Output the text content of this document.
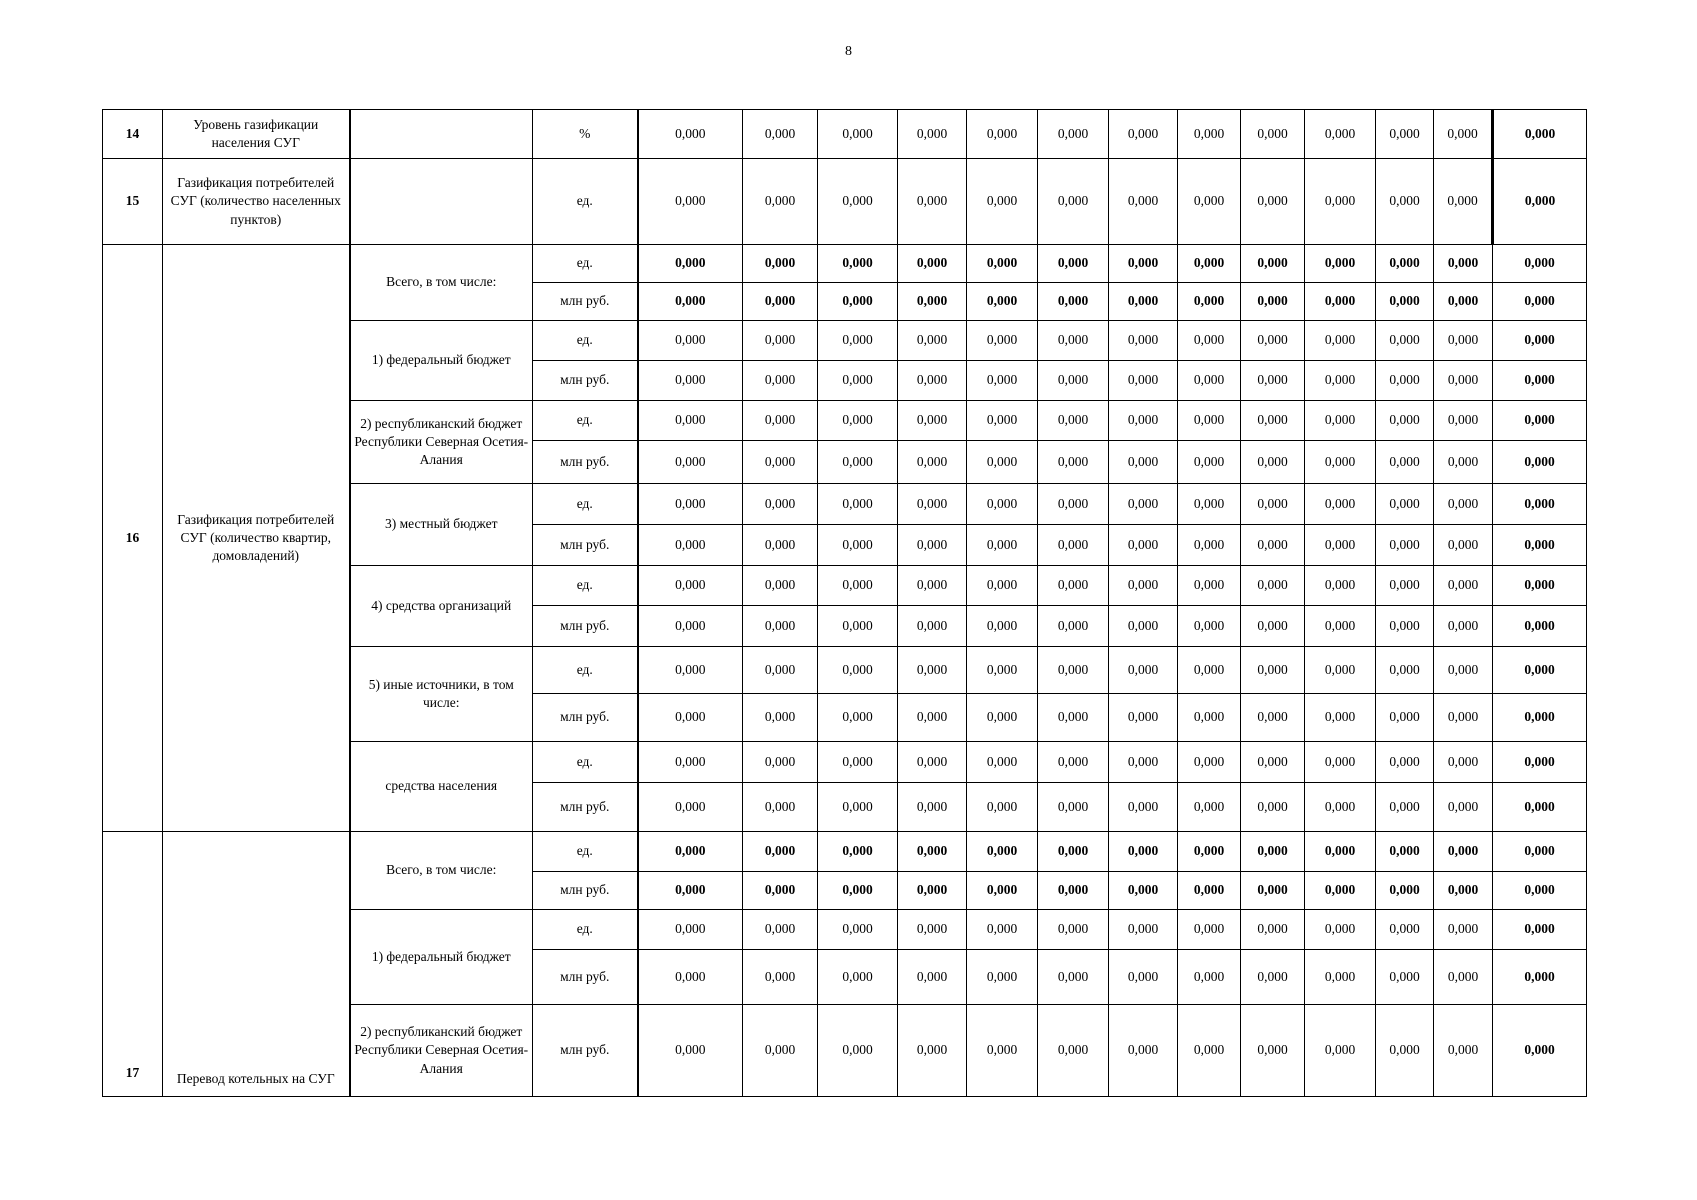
8
14	Уровень газификации населения СУГ		%	0,000	0,000	0,000	0,000	0,000	0,000	0,000	0,000	0,000	0,000	0,000	0,000	0,000
15	Газификация потребителей СУГ (количество населенных пунктов)		ед.	0,000	0,000	0,000	0,000	0,000	0,000	0,000	0,000	0,000	0,000	0,000	0,000	0,000
16	Газификация потребителей СУГ (количество квартир, домовладений)	Всего, в том числе:	ед.	0,000	0,000	0,000	0,000	0,000	0,000	0,000	0,000	0,000	0,000	0,000	0,000	0,000
			млн руб.	0,000	0,000	0,000	0,000	0,000	0,000	0,000	0,000	0,000	0,000	0,000	0,000	0,000
		1) федеральный бюджет	ед.	0,000	0,000	0,000	0,000	0,000	0,000	0,000	0,000	0,000	0,000	0,000	0,000	0,000
			млн руб.	0,000	0,000	0,000	0,000	0,000	0,000	0,000	0,000	0,000	0,000	0,000	0,000	0,000
		2) республиканский бюджет Республики Северная Осетия-Алания	ед.	0,000	0,000	0,000	0,000	0,000	0,000	0,000	0,000	0,000	0,000	0,000	0,000	0,000
			млн руб.	0,000	0,000	0,000	0,000	0,000	0,000	0,000	0,000	0,000	0,000	0,000	0,000	0,000
		3) местный бюджет	ед.	0,000	0,000	0,000	0,000	0,000	0,000	0,000	0,000	0,000	0,000	0,000	0,000	0,000
			млн руб.	0,000	0,000	0,000	0,000	0,000	0,000	0,000	0,000	0,000	0,000	0,000	0,000	0,000
		4) средства организаций	ед.	0,000	0,000	0,000	0,000	0,000	0,000	0,000	0,000	0,000	0,000	0,000	0,000	0,000
			млн руб.	0,000	0,000	0,000	0,000	0,000	0,000	0,000	0,000	0,000	0,000	0,000	0,000	0,000
		5) иные источники, в том числе:	ед.	0,000	0,000	0,000	0,000	0,000	0,000	0,000	0,000	0,000	0,000	0,000	0,000	0,000
			млн руб.	0,000	0,000	0,000	0,000	0,000	0,000	0,000	0,000	0,000	0,000	0,000	0,000	0,000
		средства населения	ед.	0,000	0,000	0,000	0,000	0,000	0,000	0,000	0,000	0,000	0,000	0,000	0,000	0,000
			млн руб.	0,000	0,000	0,000	0,000	0,000	0,000	0,000	0,000	0,000	0,000	0,000	0,000	0,000
17	Перевод котельных на СУГ	Всего, в том числе:	ед.	0,000	0,000	0,000	0,000	0,000	0,000	0,000	0,000	0,000	0,000	0,000	0,000	0,000
			млн руб.	0,000	0,000	0,000	0,000	0,000	0,000	0,000	0,000	0,000	0,000	0,000	0,000	0,000
		1) федеральный бюджет	ед.	0,000	0,000	0,000	0,000	0,000	0,000	0,000	0,000	0,000	0,000	0,000	0,000	0,000
			млн руб.	0,000	0,000	0,000	0,000	0,000	0,000	0,000	0,000	0,000	0,000	0,000	0,000	0,000
		2) республиканский бюджет Республики Северная Осетия-Алания	млн руб.	0,000	0,000	0,000	0,000	0,000	0,000	0,000	0,000	0,000	0,000	0,000	0,000	0,000
